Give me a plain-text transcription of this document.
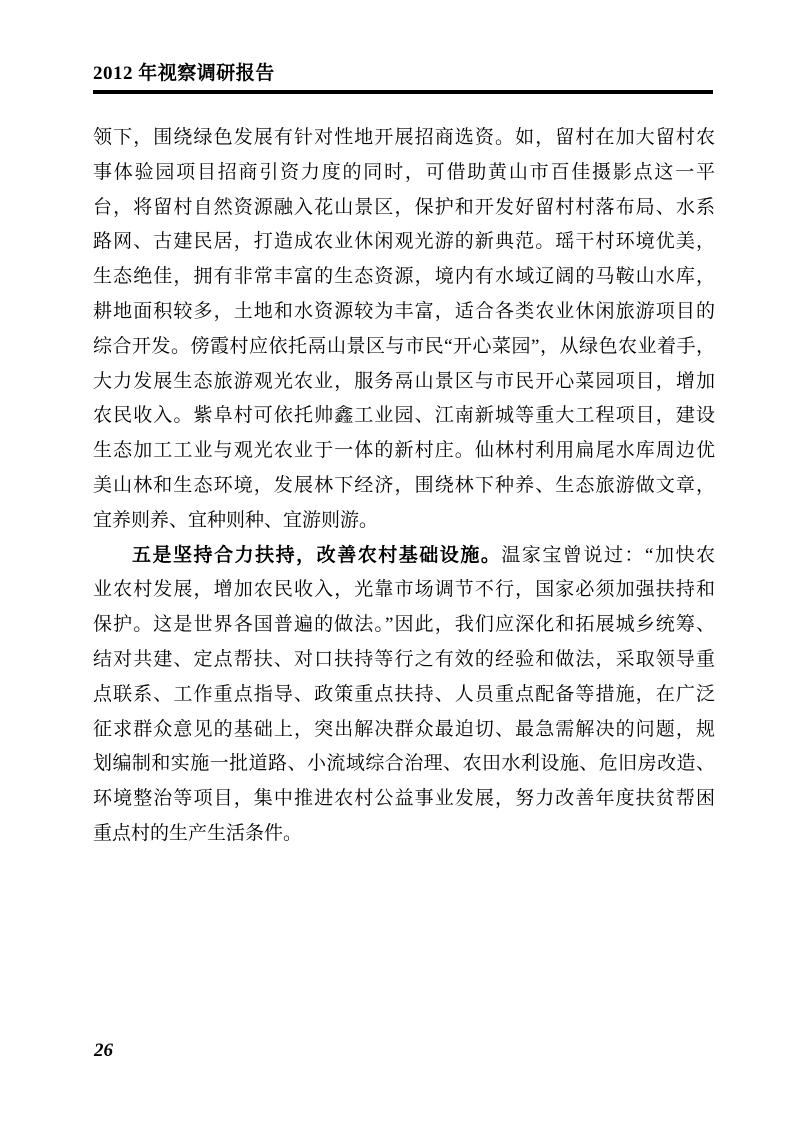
2012 年视察调研报告
领下，围绕绿色发展有针对性地开展招商选资。如，留村在加大留村农
事体验园项目招商引资力度的同时，可借助黄山市百佳摄影点这一平
台，将留村自然资源融入花山景区，保护和开发好留村村落布局、水系
路网、古建民居，打造成农业休闲观光游的新典范。瑶干村环境优美，
生态绝佳，拥有非常丰富的生态资源，境内有水域辽阔的马鞍山水库，
耕地面积较多，土地和水资源较为丰富，适合各类农业休闲旅游项目的
综合开发。傍霞村应依托鬲山景区与市民“开心菜园”，从绿色农业着手，
大力发展生态旅游观光农业，服务鬲山景区与市民开心菜园项目，增加
农民收入。紫阜村可依托帅鑫工业园、江南新城等重大工程项目，建设
生态加工工业与观光农业于一体的新村庄。仙林村利用扁尾水库周边优
美山林和生态环境，发展林下经济，围绕林下种养、生态旅游做文章，
宜养则养、宜种则种、宜游则游。
五是坚持合力扶持，改善农村基础设施。温家宝曾说过：“加快农
业农村发展，增加农民收入，光靠市场调节不行，国家必须加强扶持和
保护。这是世界各国普遍的做法。”因此，我们应深化和拓展城乡统筹、
结对共建、定点帮扶、对口扶持等行之有效的经验和做法，采取领导重
点联系、工作重点指导、政策重点扶持、人员重点配备等措施，在广泛
征求群众意见的基础上，突出解决群众最迫切、最急需解决的问题，规
划编制和实施一批道路、小流域综合治理、农田水利设施、危旧房改造、
环境整治等项目，集中推进农村公益事业发展，努力改善年度扶贫帮困
重点村的生产生活条件。
26
